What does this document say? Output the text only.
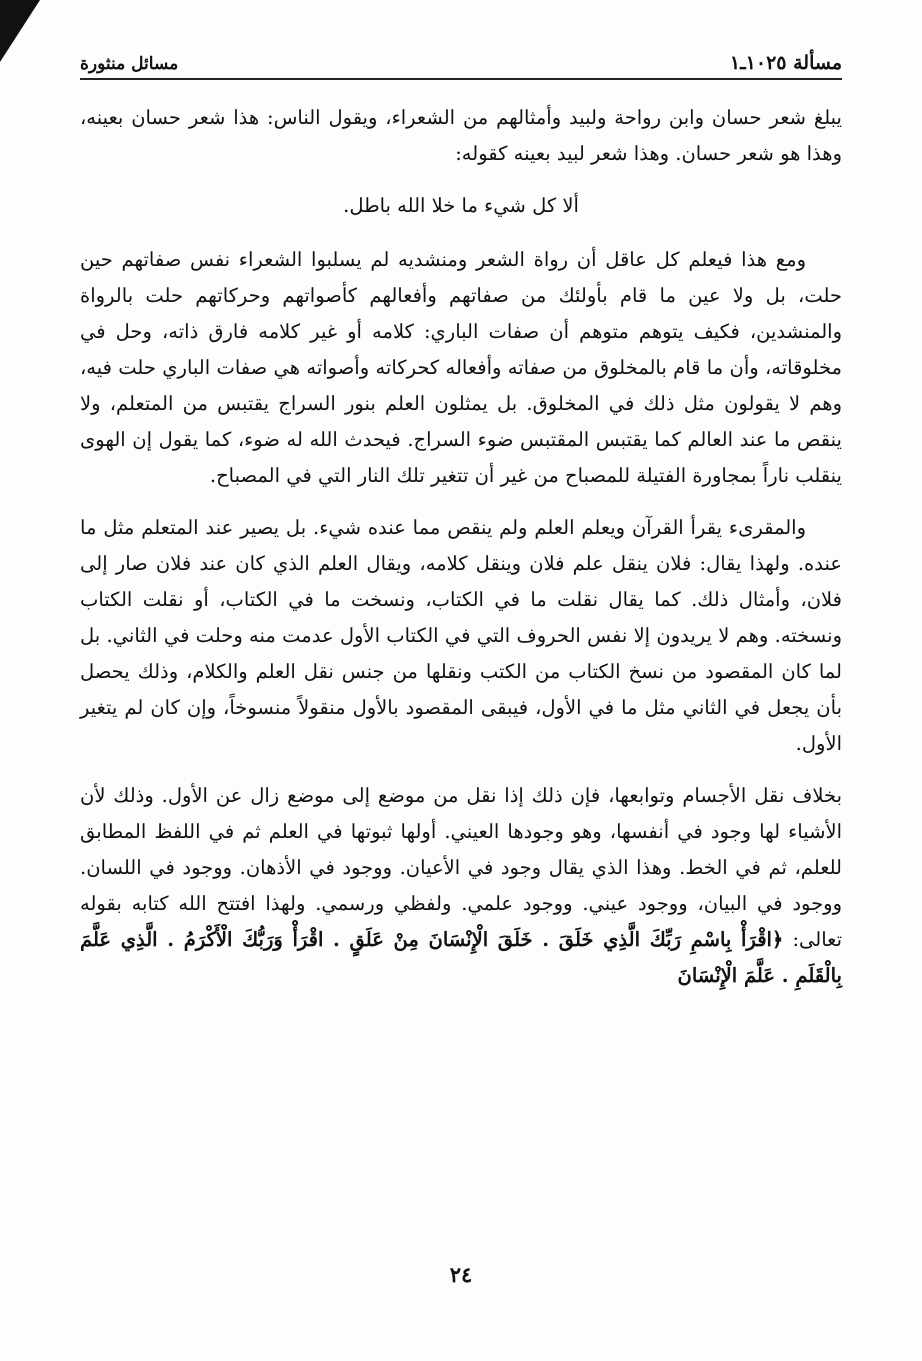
مسألة ١٠٢٥ـ١
مسائل منثورة

يبلغ شعر حسان وابن رواحة ولبيد وأمثالهم من الشعراء، ويقول الناس: هذا شعر حسان بعينه، وهذا هو شعر حسان. وهذا شعر لبيد بعينه كقوله:

ألا كل شيء ما خلا الله باطل.

ومع هذا فيعلم كل عاقل أن رواة الشعر ومنشديه لم يسلبوا الشعراء نفس صفاتهم حين حلت، بل ولا عين ما قام بأولئك من صفاتهم وأفعالهم كأصواتهم وحركاتهم حلت بالرواة والمنشدين، فكيف يتوهم متوهم أن صفات الباري: كلامه أو غير كلامه فارق ذاته، وحل في مخلوقاته، وأن ما قام بالمخلوق من صفاته وأفعاله كحركاته وأصواته هي صفات الباري حلت فيه، وهم لا يقولون مثل ذلك في المخلوق. بل يمثلون العلم بنور السراج يقتبس من المتعلم، ولا ينقص ما عند العالم كما يقتبس المقتبس ضوء السراج. فيحدث الله له ضوء، كما يقول إن الهوى ينقلب ناراً بمجاورة الفتيلة للمصباح من غير أن تتغير تلك النار التي في المصباح.

والمقرىء يقرأ القرآن ويعلم العلم ولم ينقص مما عنده شيء. بل يصير عند المتعلم مثل ما عنده. ولهذا يقال: فلان ينقل علم فلان وينقل كلامه، ويقال العلم الذي كان عند فلان صار إلى فلان، وأمثال ذلك. كما يقال نقلت ما في الكتاب، ونسخت ما في الكتاب، أو نقلت الكتاب ونسخته. وهم لا يريدون إلا نفس الحروف التي في الكتاب الأول عدمت منه وحلت في الثاني. بل لما كان المقصود من نسخ الكتاب من الكتب ونقلها من جنس نقل العلم والكلام، وذلك يحصل بأن يجعل في الثاني مثل ما في الأول، فيبقى المقصود بالأول منقولاً منسوخاً، وإن كان لم يتغير الأول.

بخلاف نقل الأجسام وتوابعها، فإن ذلك إذا نقل من موضع إلى موضع زال عن الأول. وذلك لأن الأشياء لها وجود في أنفسها، وهو وجودها العيني. أولها ثبوتها في العلم ثم في اللفظ المطابق للعلم، ثم في الخط. وهذا الذي يقال وجود في الأعيان. ووجود في الأذهان. ووجود في اللسان. ووجود في البيان، ووجود عيني. ووجود علمي. ولفظي ورسمي. ولهذا افتتح الله كتابه بقوله تعالى: ﴿اقْرَأْ بِاسْمِ رَبِّكَ الَّذِي خَلَقَ . خَلَقَ الْإِنْسَانَ مِنْ عَلَقٍ . اقْرَأْ وَرَبُّكَ الْأَكْرَمُ . الَّذِي عَلَّمَ بِالْقَلَمِ . عَلَّمَ الْإِنْسَانَ

٢٤
